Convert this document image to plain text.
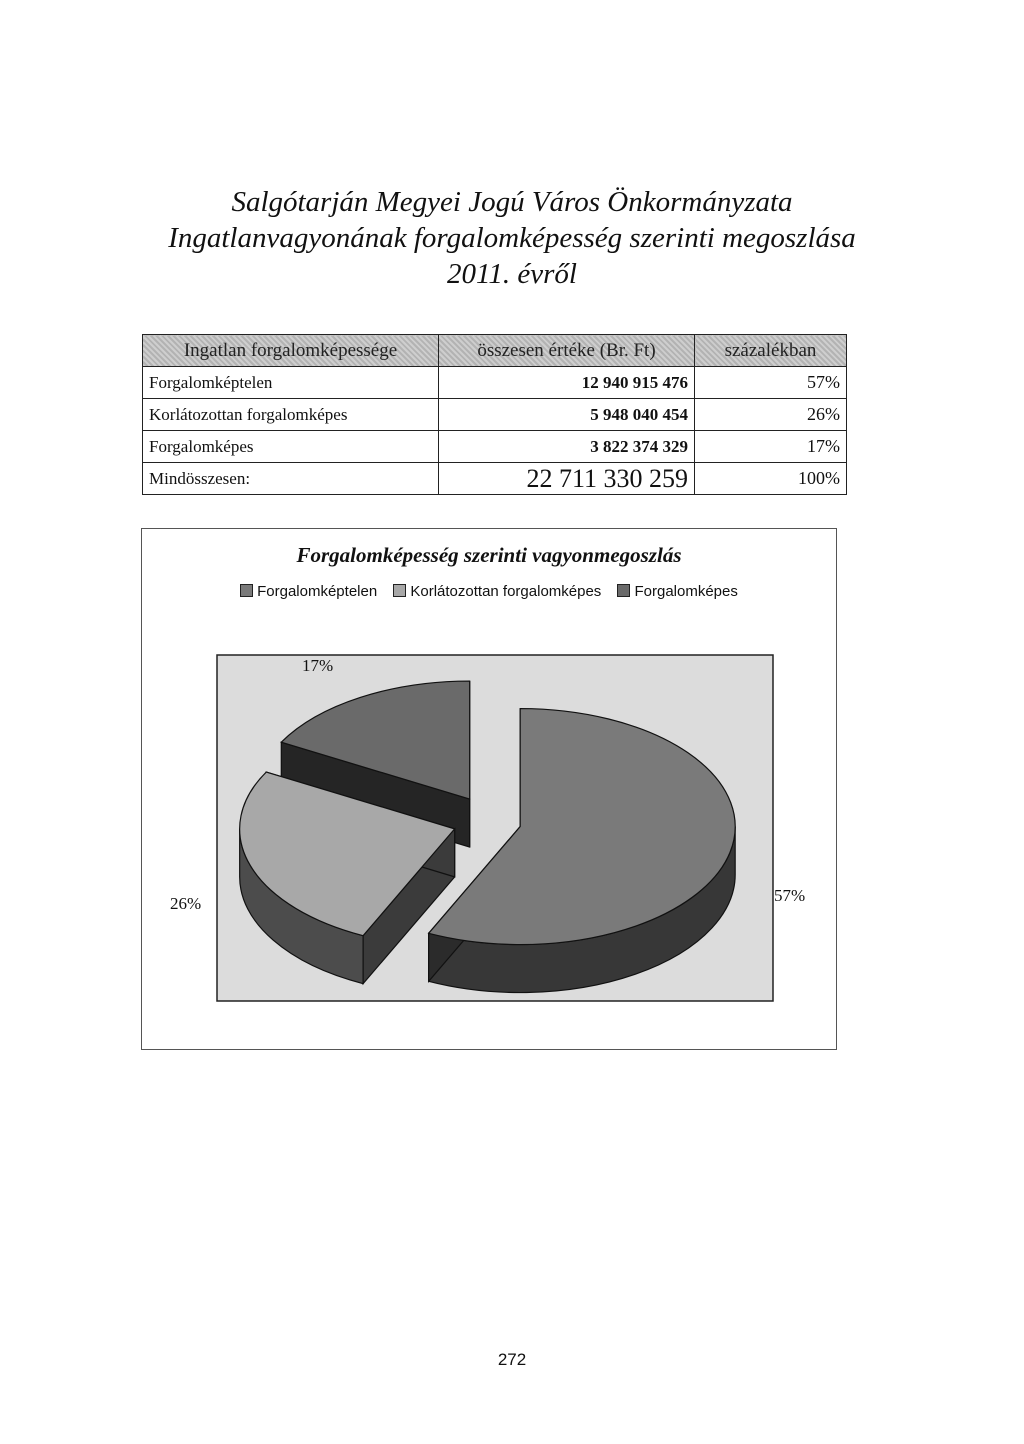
Salgótarján Megyei Jogú Város Önkormányzata
Ingatlanvagyonának forgalomképesség szerinti megoszlása
2011. évről
Ingatlan forgalomképessége	összesen értéke (Br. Ft)	százalékban
Forgalomképtelen	12 940 915 476	57%
Korlátozottan forgalomképes	5 948 040 454	26%
Forgalomképes	3 822 374 329	17%
Mindösszesen:	22 711 330 259	100%
Forgalomképesség szerinti vagyonmegoszlás
Forgalomképtelen Korlátozottan forgalomképes Forgalomképes
57%
26%
17%
272
